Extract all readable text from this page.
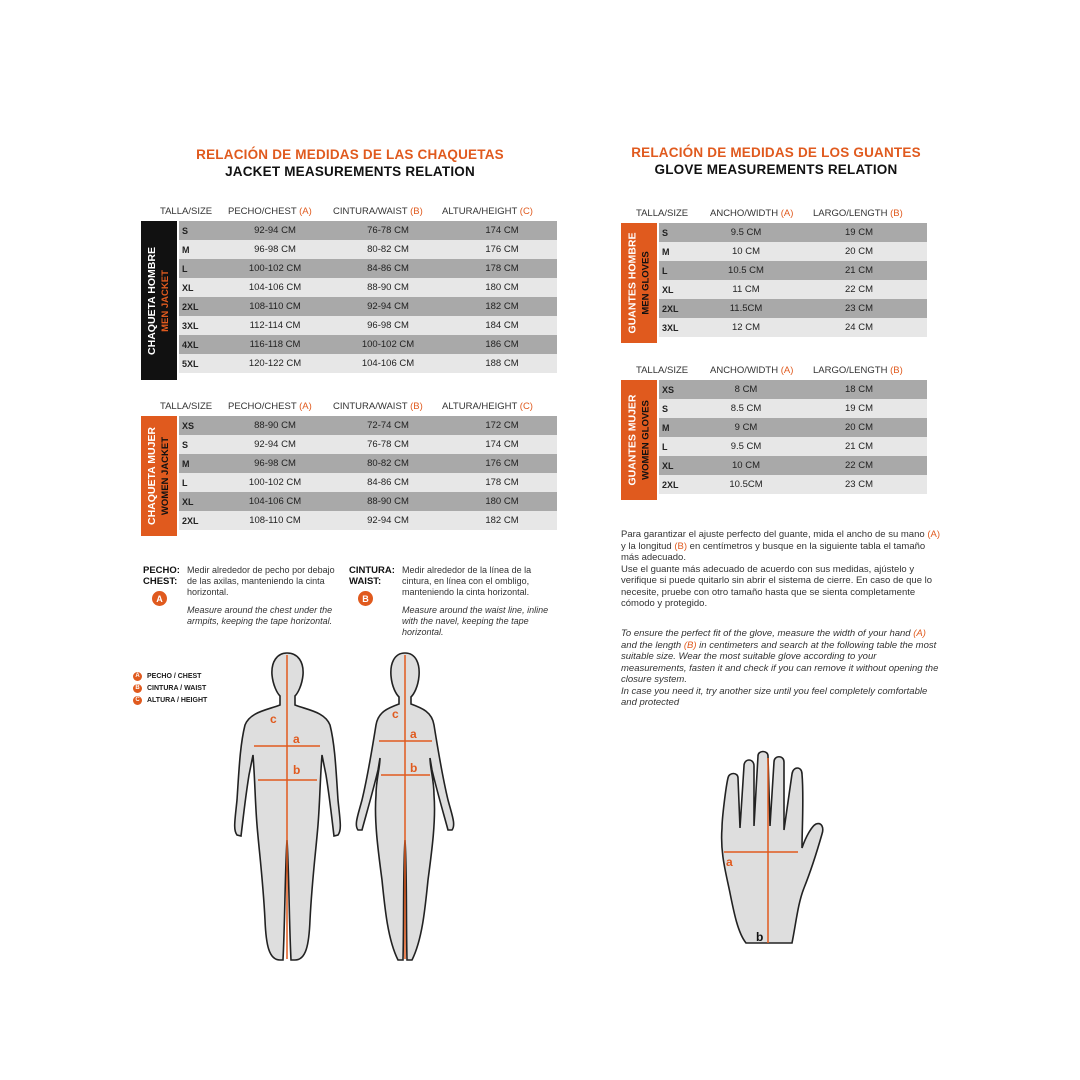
RELACIÓN DE MEDIDAS DE LAS CHAQUETAS
JACKET MEASUREMENTS RELATION
TALLA/SIZE PECHO/CHEST (A) CINTURA/WAIST (B) ALTURA/HEIGHT (C)
CHAQUETA HOMBRE MEN JACKET
S	92-94 CM	76-78 CM	174 CM
M	96-98 CM	80-82 CM	176 CM
L	100-102 CM	84-86 CM	178 CM
XL	104-106 CM	88-90 CM	180 CM
2XL	108-110 CM	92-94 CM	182 CM
3XL	112-114 CM	96-98 CM	184 CM
4XL	116-118 CM	100-102 CM	186 CM
5XL	120-122 CM	104-106 CM	188 CM
TALLA/SIZE PECHO/CHEST (A) CINTURA/WAIST (B) ALTURA/HEIGHT (C)
CHAQUETA MUJER WOMEN JACKET
XS	88-90 CM	72-74 CM	172 CM
S	92-94 CM	76-78 CM	174 CM
M	96-98 CM	80-82 CM	176 CM
L	100-102 CM	84-86 CM	178 CM
XL	104-106 CM	88-90 CM	180 CM
2XL	108-110 CM	92-94 CM	182 CM
PECHO:
CHEST:
A
Medir alrededor de pecho por debajo de las axilas, manteniendo la cinta horizontal.
Measure around the chest under the armpits, keeping the tape horizontal.
CINTURA:
WAIST:
B
Medir alrededor de la línea de la cintura, en línea con el ombligo, manteniendo la cinta horizontal.
Measure around the waist line, inline with the navel, keeping the tape horizontal.
A	PECHO / CHEST
B	CINTURA / WAIST
C	ALTURA / HEIGHT
c
a
b
c
a
b
RELACIÓN DE MEDIDAS DE LOS GUANTES
GLOVE MEASUREMENTS RELATION
TALLA/SIZE ANCHO/WIDTH (A) LARGO/LENGTH (B)
GUANTES HOMBRE MEN GLOVES
S	9.5 CM	19 CM
M	10 CM	20 CM
L	10.5 CM	21 CM
XL	11 CM	22 CM
2XL	11.5CM	23 CM
3XL	12 CM	24 CM
TALLA/SIZE ANCHO/WIDTH (A) LARGO/LENGTH (B)
GUANTES MUJER WOMEN GLOVES
XS	8 CM	18 CM
S	8.5 CM	19 CM
M	9 CM	20 CM
L	9.5 CM	21 CM
XL	10 CM	22 CM
2XL	10.5CM	23 CM
Para garantizar el ajuste perfecto del guante, mida el ancho de su mano (A) y la longitud (B) en centímetros y busque en la siguiente tabla el tamaño más adecuado.
Use el guante más adecuado de acuerdo con sus medidas, ajústelo y verifique si puede quitarlo sin abrir el sistema de cierre. En caso de que lo necesite, pruebe con otro tamaño hasta que se sienta completamente cómodo y protegido.
To ensure the perfect fit of the glove, measure the width of your hand (A) and the length (B) in centimeters and search at the following table the most suitable size. Wear the most suitable glove according to your measurements, fasten it and check if you can remove it without opening the closure system.
In case you need it, try another size until you feel completely comfortable and protected
a
b
